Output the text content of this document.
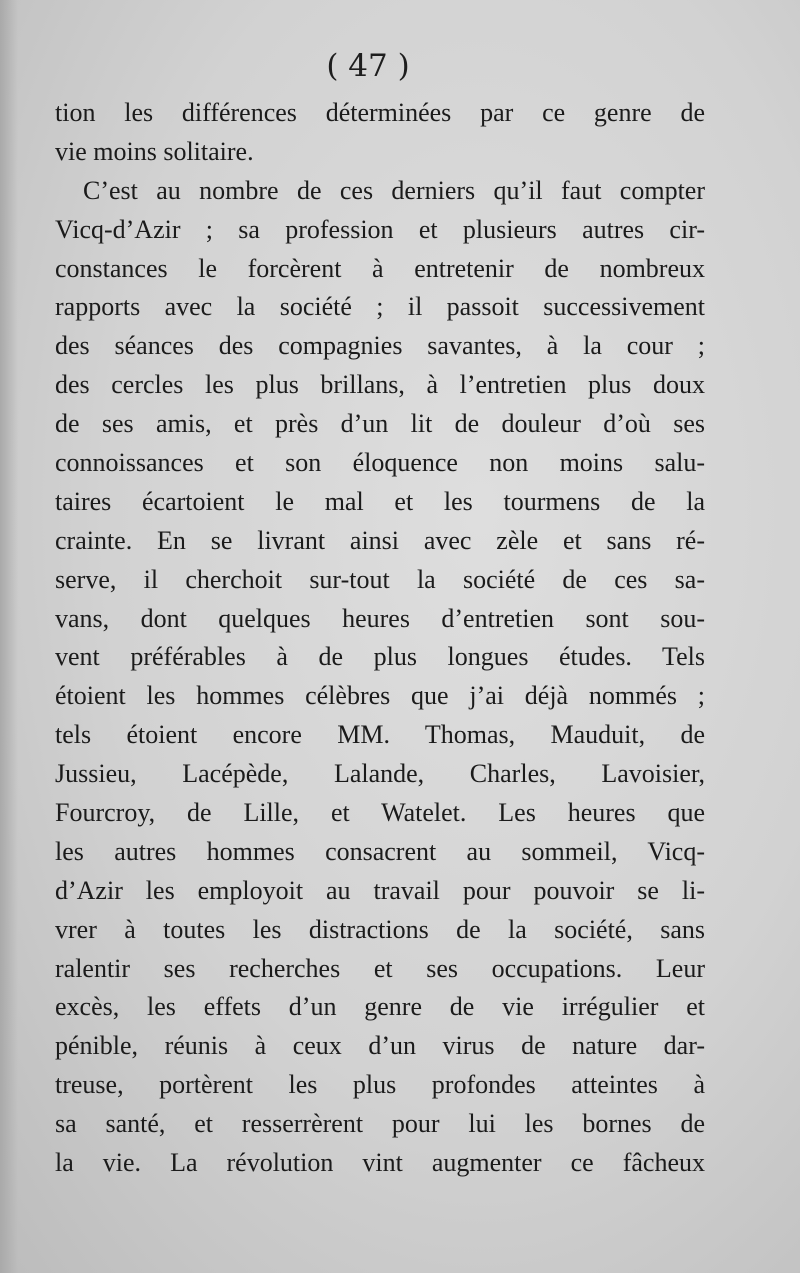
( 47 )

tion les différences déterminées par ce genre de
vie moins solitaire.
C’est au nombre de ces derniers qu’il faut compter
Vicq-d’Azir ; sa profession et plusieurs autres cir-
constances le forcèrent à entretenir de nombreux
rapports avec la société ; il passoit successivement
des séances des compagnies savantes, à la cour ;
des cercles les plus brillans, à l’entretien plus doux
de ses amis, et près d’un lit de douleur d’où ses
connoissances et son éloquence non moins salu-
taires écartoient le mal et les tourmens de la
crainte. En se livrant ainsi avec zèle et sans ré-
serve, il cherchoit sur-tout la société de ces sa-
vans, dont quelques heures d’entretien sont sou-
vent préférables à de plus longues études. Tels
étoient les hommes célèbres que j’ai déjà nommés ;
tels étoient encore MM. Thomas, Mauduit, de
Jussieu, Lacépède, Lalande, Charles, Lavoisier,
Fourcroy, de Lille, et Watelet. Les heures que
les autres hommes consacrent au sommeil, Vicq-
d’Azir les employoit au travail pour pouvoir se li-
vrer à toutes les distractions de la société, sans
ralentir ses recherches et ses occupations. Leur
excès, les effets d’un genre de vie irrégulier et
pénible, réunis à ceux d’un virus de nature dar-
treuse, portèrent les plus profondes atteintes à
sa santé, et resserrèrent pour lui les bornes de
la vie. La révolution vint augmenter ce fâcheux
